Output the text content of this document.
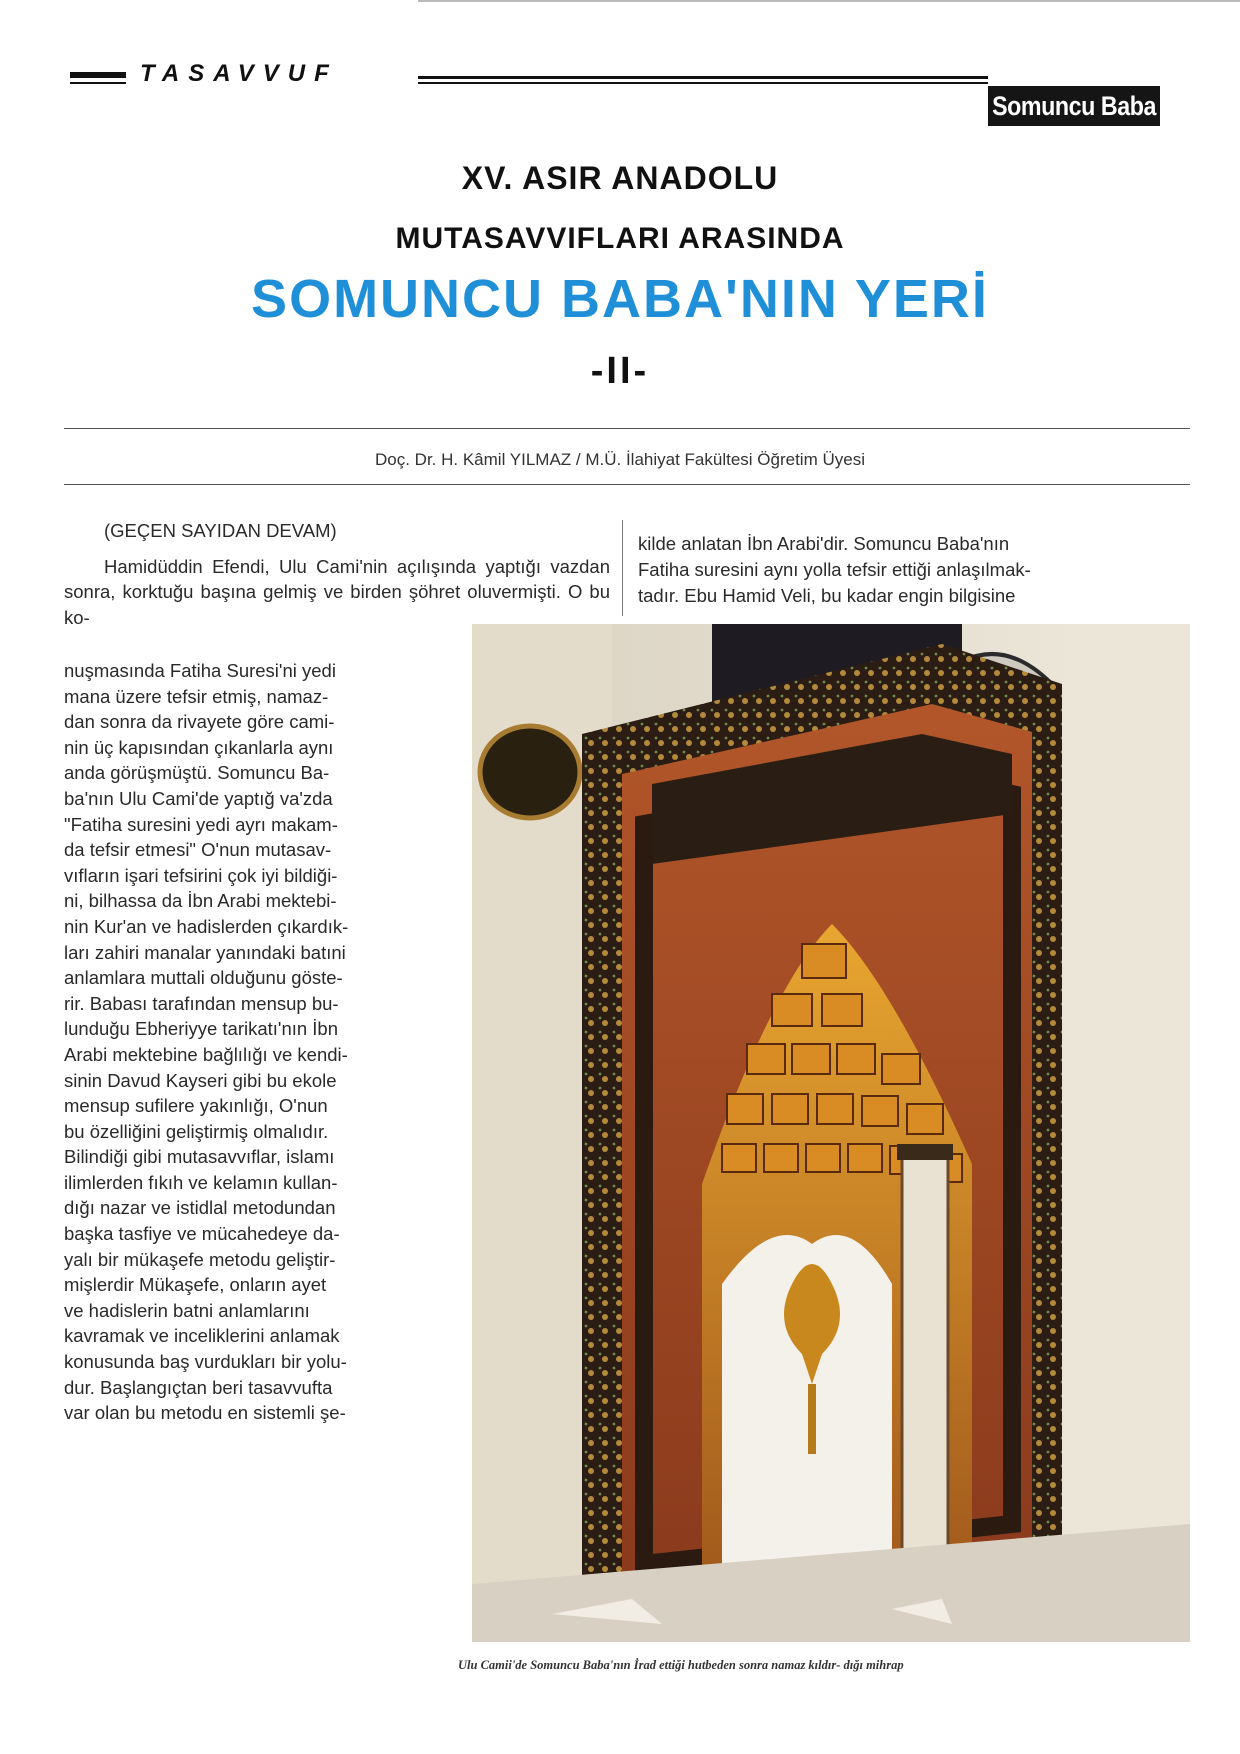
TASAVVUF
Somuncu Baba
XV. ASIR ANADOLU
MUTASAVVIFLARI ARASINDA
SOMUNCU BABA'NIN YERİ
-II-
Doç. Dr. H. Kâmil YILMAZ / M.Ü. İlahiyat Fakültesi Öğretim Üyesi

(GEÇEN SAYIDAN DEVAM)

Hamidüddin Efendi, Ulu Cami'nin açılışında yaptığı vazdan sonra, korktuğu başına gelmiş ve birden şöhret oluvermişti. O bu ko-

nuşmasında Fatiha Suresi'ni yedi
mana üzere tefsir etmiş, namaz-
dan sonra da rivayete göre cami-
nin üç kapısından çıkanlarla aynı
anda görüşmüştü. Somuncu Ba-
ba'nın Ulu Cami'de yaptığ va'zda
"Fatiha suresini yedi ayrı makam-
da tefsir etmesi" O'nun mutasav-
vıfların işari tefsirini çok iyi bildiği-
ni, bilhassa da İbn Arabi mektebi-
nin Kur'an ve hadislerden çıkardık-
ları zahiri manalar yanındaki batıni
anlamlara muttali olduğunu göste-
rir. Babası tarafından mensup bu-
lunduğu Ebheriyye tarikatı'nın İbn
Arabi mektebine bağlılığı ve kendi-
sinin Davud Kayseri gibi bu ekole
mensup sufilere yakınlığı, O'nun
bu özelliğini geliştirmiş olmalıdır.
Bilindiği gibi mutasavvıflar, islamı
ilimlerden fıkıh ve kelamın kullan-
dığı nazar ve istidlal metodundan
başka tasfiye ve mücahedeye da-
yalı bir mükaşefe metodu geliştir-
mişlerdir Mükaşefe, onların ayet
ve hadislerin batni anlamlarını
kavramak ve inceliklerini anlamak
konusunda baş vurdukları bir yolu-
dur. Başlangıçtan beri tasavvufta
var olan bu metodu en sistemli şe-
kilde anlatan İbn Arabi'dir. Somuncu Baba'nın
Fatiha suresini aynı yolla tefsir ettiği anlaşılmak-
tadır. Ebu Hamid Veli, bu kadar engin bilgisine
Ulu Camii'de Somuncu Baba'nın İrad ettiği hutbeden sonra namaz kıldır- dığı mihrap
